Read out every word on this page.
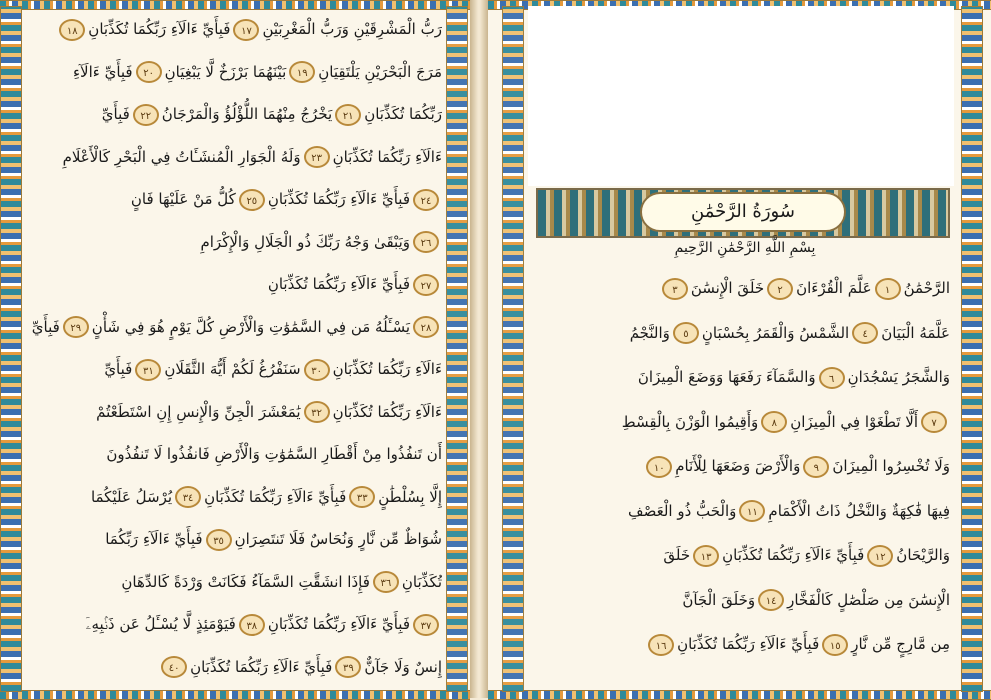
رَبُّ الْمَشْرِقَيْنِ وَرَبُّ الْمَغْرِبَيْنِ١٧فَبِأَيِّ ءَالَآءِ رَبِّكُمَا تُكَذِّبَانِ١٨
مَرَجَ الْبَحْرَيْنِ يَلْتَقِيَانِ١٩بَيْنَهُمَا بَرْزَخٌ لَّا يَبْغِيَانِ٢٠فَبِأَيِّ ءَالَآءِ
رَبِّكُمَا تُكَذِّبَانِ٢١يَخْرُجُ مِنْهُمَا اللُّؤْلُؤُ وَالْمَرْجَانُ٢٢فَبِأَيِّ
ءَالَآءِ رَبِّكُمَا تُكَذِّبَانِ٢٣وَلَهُ الْجَوَارِ الْمُنشَـَٔاتُ فِي الْبَحْرِ كَالْأَعْلَامِ
٢٤فَبِأَيِّ ءَالَآءِ رَبِّكُمَا تُكَذِّبَانِ٢٥كُلُّ مَنْ عَلَيْهَا فَانٍ
٢٦وَيَبْقَىٰ وَجْهُ رَبِّكَ ذُو الْجَلَالِ وَالْإِكْرَامِ
٢٧فَبِأَيِّ ءَالَآءِ رَبِّكُمَا تُكَذِّبَانِ
٢٨يَسْـَٔلُهُ مَن فِي السَّمَٰوَٰتِ وَالْأَرْضِ كُلَّ يَوْمٍ هُوَ فِي شَأْنٍ٢٩فَبِأَيِّ
ءَالَآءِ رَبِّكُمَا تُكَذِّبَانِ٣٠سَنَفْرُغُ لَكُمْ أَيُّهَ الثَّقَلَانِ٣١فَبِأَيِّ
ءَالَآءِ رَبِّكُمَا تُكَذِّبَانِ٣٢يَٰمَعْشَرَ الْجِنِّ وَالْإِنسِ إِنِ اسْتَطَعْتُمْ
أَن تَنفُذُوا مِنْ أَقْطَارِ السَّمَٰوَٰتِ وَالْأَرْضِ فَانفُذُوا لَا تَنفُذُونَ
إِلَّا بِسُلْطَٰنٍ٣٣فَبِأَيِّ ءَالَآءِ رَبِّكُمَا تُكَذِّبَانِ٣٤يُرْسَلُ عَلَيْكُمَا
شُوَاظٌ مِّن نَّارٍ وَنُحَاسٌ فَلَا تَنتَصِرَانِ٣٥فَبِأَيِّ ءَالَآءِ رَبِّكُمَا
تُكَذِّبَانِ٣٦فَإِذَا انشَقَّتِ السَّمَآءُ فَكَانَتْ وَرْدَةً كَالدِّهَانِ
٣٧فَبِأَيِّ ءَالَآءِ رَبِّكُمَا تُكَذِّبَانِ٣٨فَيَوْمَئِذٍ لَّا يُسْـَٔلُ عَن ذَنۢبِهِۦٓ
إِنسٌ وَلَا جَآنٌّ٣٩فَبِأَيِّ ءَالَآءِ رَبِّكُمَا تُكَذِّبَانِ٤٠
سُورَةُ الرَّحْمَٰنِ
بِسْمِ اللَّهِ الرَّحْمَٰنِ الرَّحِيمِ
الرَّحْمَٰنُ١عَلَّمَ الْقُرْءَانَ٢خَلَقَ الْإِنسَٰنَ٣
عَلَّمَهُ الْبَيَانَ٤الشَّمْسُ وَالْقَمَرُ بِحُسْبَانٍ٥وَالنَّجْمُ
وَالشَّجَرُ يَسْجُدَانِ٦وَالسَّمَآءَ رَفَعَهَا وَوَضَعَ الْمِيزَانَ
٧أَلَّا تَطْغَوْا فِي الْمِيزَانِ٨وَأَقِيمُوا الْوَزْنَ بِالْقِسْطِ
وَلَا تُخْسِرُوا الْمِيزَانَ٩وَالْأَرْضَ وَضَعَهَا لِلْأَنَامِ١٠
فِيهَا فَٰكِهَةٌ وَالنَّخْلُ ذَاتُ الْأَكْمَامِ١١وَالْحَبُّ ذُو الْعَصْفِ
وَالرَّيْحَانُ١٢فَبِأَيِّ ءَالَآءِ رَبِّكُمَا تُكَذِّبَانِ١٣خَلَقَ
الْإِنسَٰنَ مِن صَلْصَٰلٍ كَالْفَخَّارِ١٤وَخَلَقَ الْجَآنَّ
مِن مَّارِجٍ مِّن نَّارٍ١٥فَبِأَيِّ ءَالَآءِ رَبِّكُمَا تُكَذِّبَانِ١٦
